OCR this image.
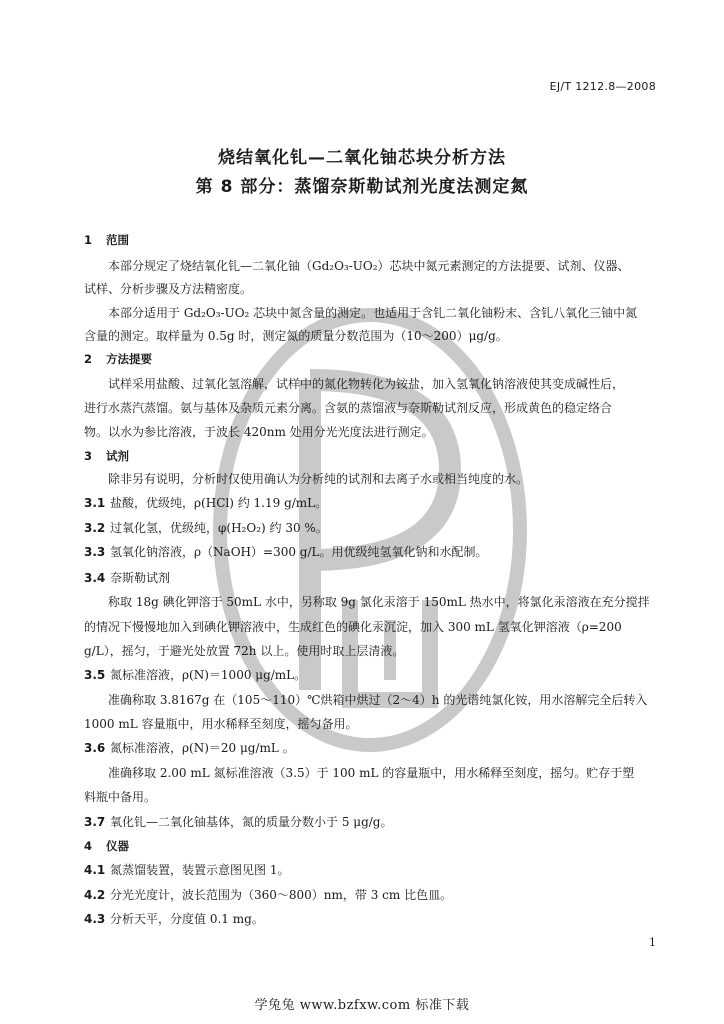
EJ/T 1212.8—2008
烧结氧化钆—二氧化铀芯块分析方法
第 8 部分：蒸馏奈斯勒试剂光度法测定氮
1 范围
本部分规定了烧结氧化钆—二氧化铀（Gd₂O₃-UO₂）芯块中氮元素测定的方法提要、试剂、仪器、
试样、分析步骤及方法精密度。
本部分适用于 Gd₂O₃-UO₂ 芯块中氮含量的测定。也适用于含钆二氧化铀粉末、含钆八氧化三铀中氮
含量的测定。取样量为 0.5g 时，测定氮的质量分数范围为（10～200）μg/g。
2 方法提要
试样采用盐酸、过氧化氢溶解，试样中的氮化物转化为铵盐，加入氢氧化钠溶液使其变成碱性后，
进行水蒸汽蒸馏。氨与基体及杂质元素分离。含氨的蒸馏液与奈斯勒试剂反应，形成黄色的稳定络合
物。以水为参比溶液，于波长 420nm 处用分光光度法进行测定。
3 试剂
除非另有说明，分析时仅使用确认为分析纯的试剂和去离子水或相当纯度的水。
3.1 盐酸，优级纯，ρ(HCl) 约 1.19 g/mL。
3.2 过氧化氢，优级纯，φ(H₂O₂) 约 30 %。
3.3 氢氧化钠溶液，ρ（NaOH）=300 g/L。用优级纯氢氧化钠和水配制。
3.4 奈斯勒试剂
称取 18g 碘化钾溶于 50mL 水中，另称取 9g 氯化汞溶于 150mL 热水中，将氯化汞溶液在充分搅拌
的情况下慢慢地加入到碘化钾溶液中，生成红色的碘化汞沉淀，加入 300 mL 氢氧化钾溶液（ρ=200
g/L），摇匀，于避光处放置 72h 以上。使用时取上层清液。
3.5 氮标准溶液，ρ(N)＝1000 μg/mL。
准确称取 3.8167g 在（105～110）℃烘箱中烘过（2～4）h 的光谱纯氯化铵，用水溶解完全后转入
1000 mL 容量瓶中，用水稀释至刻度，摇匀备用。
3.6 氮标准溶液，ρ(N)＝20 μg/mL 。
准确移取 2.00 mL 氮标准溶液（3.5）于 100 mL 的容量瓶中，用水稀释至刻度，摇匀。贮存于塑
料瓶中备用。
3.7 氧化钆—二氧化铀基体，氮的质量分数小于 5 μg/g。
4 仪器
4.1 氮蒸馏装置，装置示意图见图 1。
4.2 分光光度计，波长范围为（360～800）nm，带 3 cm 比色皿。
4.3 分析天平，分度值 0.1 mg。
1
学兔兔 www.bzfxw.com 标准下载
